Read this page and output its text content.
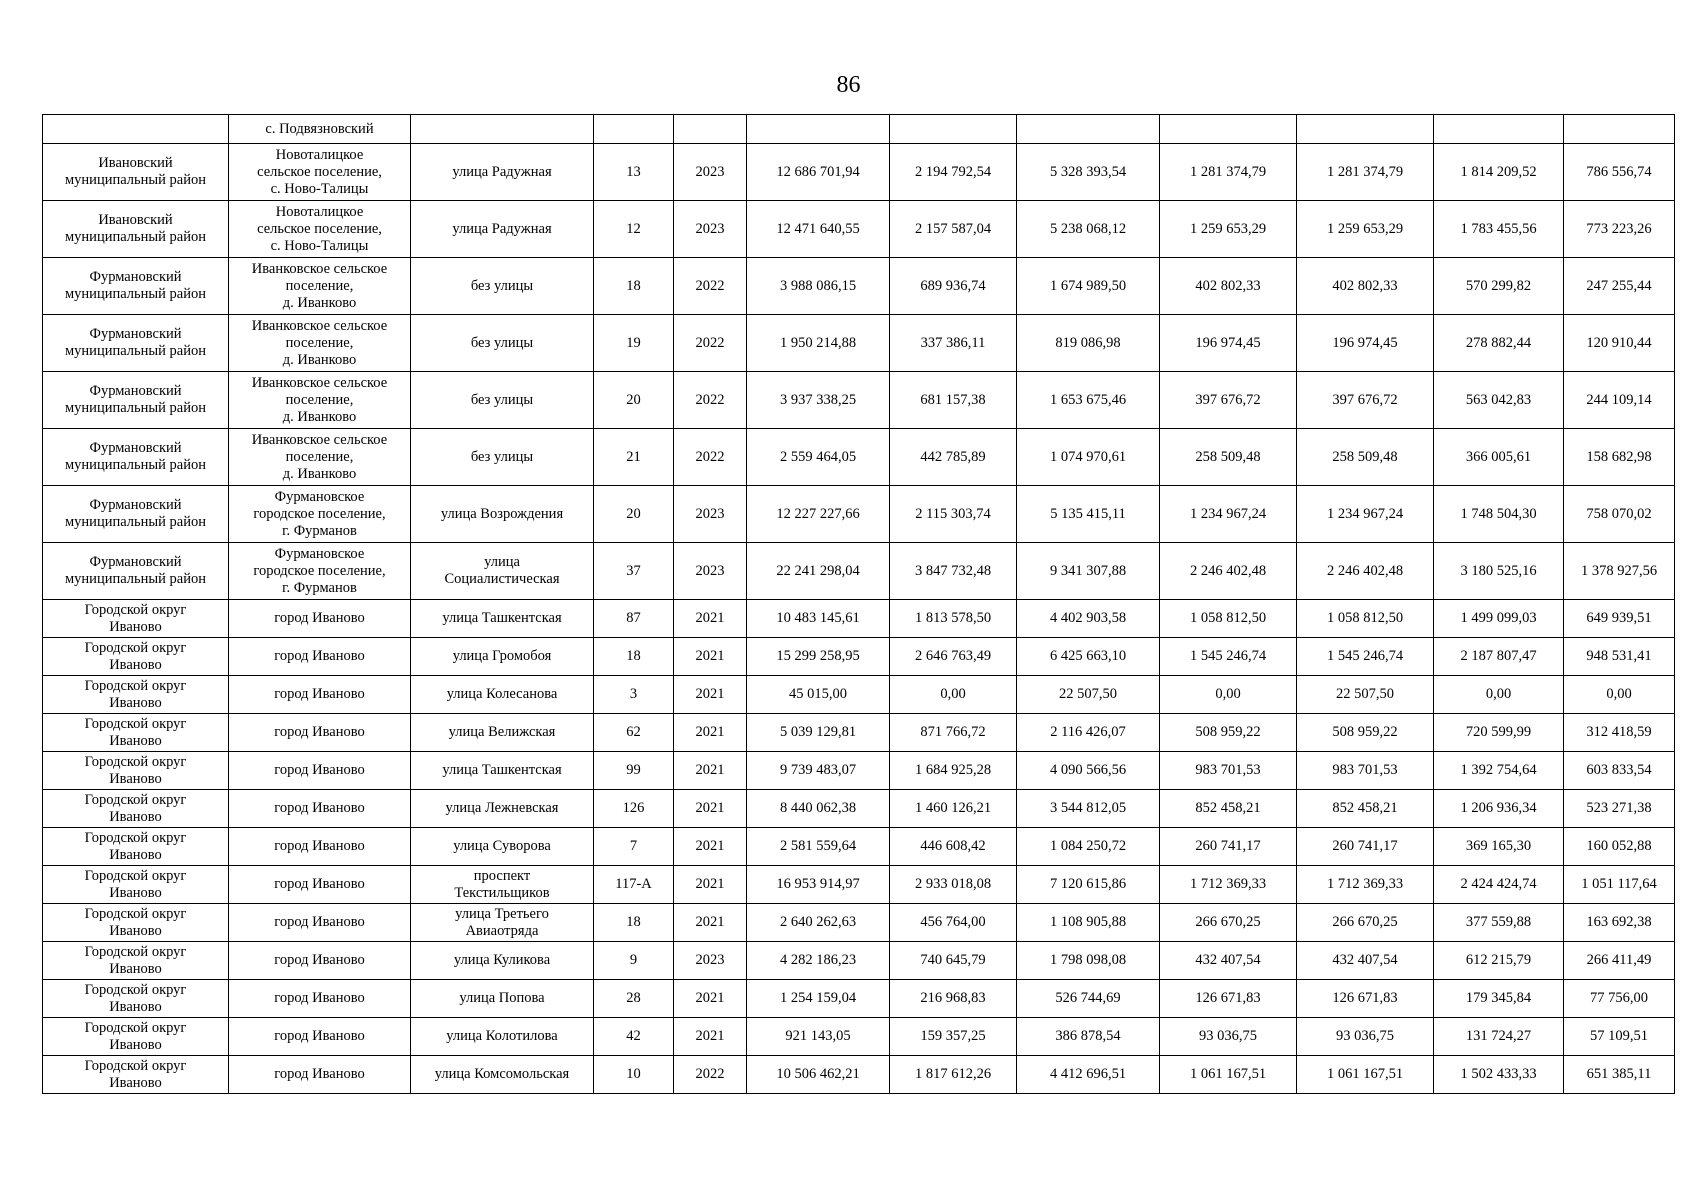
86
	с. Подвязновский										
Ивановский
муниципальный район	Новоталицкое
сельское поселение,
с. Ново-Талицы	улица Радужная	13	2023	12 686 701,94	2 194 792,54	5 328 393,54	1 281 374,79	1 281 374,79	1 814 209,52	786 556,74
Ивановский
муниципальный район	Новоталицкое
сельское поселение,
с. Ново-Талицы	улица Радужная	12	2023	12 471 640,55	2 157 587,04	5 238 068,12	1 259 653,29	1 259 653,29	1 783 455,56	773 223,26
Фурмановский
муниципальный район	Иванковское сельское
поселение,
д. Иванково	без улицы	18	2022	3 988 086,15	689 936,74	1 674 989,50	402 802,33	402 802,33	570 299,82	247 255,44
Фурмановский
муниципальный район	Иванковское сельское
поселение,
д. Иванково	без улицы	19	2022	1 950 214,88	337 386,11	819 086,98	196 974,45	196 974,45	278 882,44	120 910,44
Фурмановский
муниципальный район	Иванковское сельское
поселение,
д. Иванково	без улицы	20	2022	3 937 338,25	681 157,38	1 653 675,46	397 676,72	397 676,72	563 042,83	244 109,14
Фурмановский
муниципальный район	Иванковское сельское
поселение,
д. Иванково	без улицы	21	2022	2 559 464,05	442 785,89	1 074 970,61	258 509,48	258 509,48	366 005,61	158 682,98
Фурмановский
муниципальный район	Фурмановское
городское поселение,
г. Фурманов	улица Возрождения	20	2023	12 227 227,66	2 115 303,74	5 135 415,11	1 234 967,24	1 234 967,24	1 748 504,30	758 070,02
Фурмановский
муниципальный район	Фурмановское
городское поселение,
г. Фурманов	улица
Социалистическая	37	2023	22 241 298,04	3 847 732,48	9 341 307,88	2 246 402,48	2 246 402,48	3 180 525,16	1 378 927,56
Городской округ
Иваново	город Иваново	улица Ташкентская	87	2021	10 483 145,61	1 813 578,50	4 402 903,58	1 058 812,50	1 058 812,50	1 499 099,03	649 939,51
Городской округ
Иваново	город Иваново	улица Громобоя	18	2021	15 299 258,95	2 646 763,49	6 425 663,10	1 545 246,74	1 545 246,74	2 187 807,47	948 531,41
Городской округ
Иваново	город Иваново	улица Колесанова	3	2021	45 015,00	0,00	22 507,50	0,00	22 507,50	0,00	0,00
Городской округ
Иваново	город Иваново	улица Велижская	62	2021	5 039 129,81	871 766,72	2 116 426,07	508 959,22	508 959,22	720 599,99	312 418,59
Городской округ
Иваново	город Иваново	улица Ташкентская	99	2021	9 739 483,07	1 684 925,28	4 090 566,56	983 701,53	983 701,53	1 392 754,64	603 833,54
Городской округ
Иваново	город Иваново	улица Лежневская	126	2021	8 440 062,38	1 460 126,21	3 544 812,05	852 458,21	852 458,21	1 206 936,34	523 271,38
Городской округ
Иваново	город Иваново	улица Суворова	7	2021	2 581 559,64	446 608,42	1 084 250,72	260 741,17	260 741,17	369 165,30	160 052,88
Городской округ
Иваново	город Иваново	проспект
Текстильщиков	117-А	2021	16 953 914,97	2 933 018,08	7 120 615,86	1 712 369,33	1 712 369,33	2 424 424,74	1 051 117,64
Городской округ
Иваново	город Иваново	улица Третьего
Авиаотряда	18	2021	2 640 262,63	456 764,00	1 108 905,88	266 670,25	266 670,25	377 559,88	163 692,38
Городской округ
Иваново	город Иваново	улица Куликова	9	2023	4 282 186,23	740 645,79	1 798 098,08	432 407,54	432 407,54	612 215,79	266 411,49
Городской округ
Иваново	город Иваново	улица Попова	28	2021	1 254 159,04	216 968,83	526 744,69	126 671,83	126 671,83	179 345,84	77 756,00
Городской округ
Иваново	город Иваново	улица Колотилова	42	2021	921 143,05	159 357,25	386 878,54	93 036,75	93 036,75	131 724,27	57 109,51
Городской округ
Иваново	город Иваново	улица Комсомольская	10	2022	10 506 462,21	1 817 612,26	4 412 696,51	1 061 167,51	1 061 167,51	1 502 433,33	651 385,11
